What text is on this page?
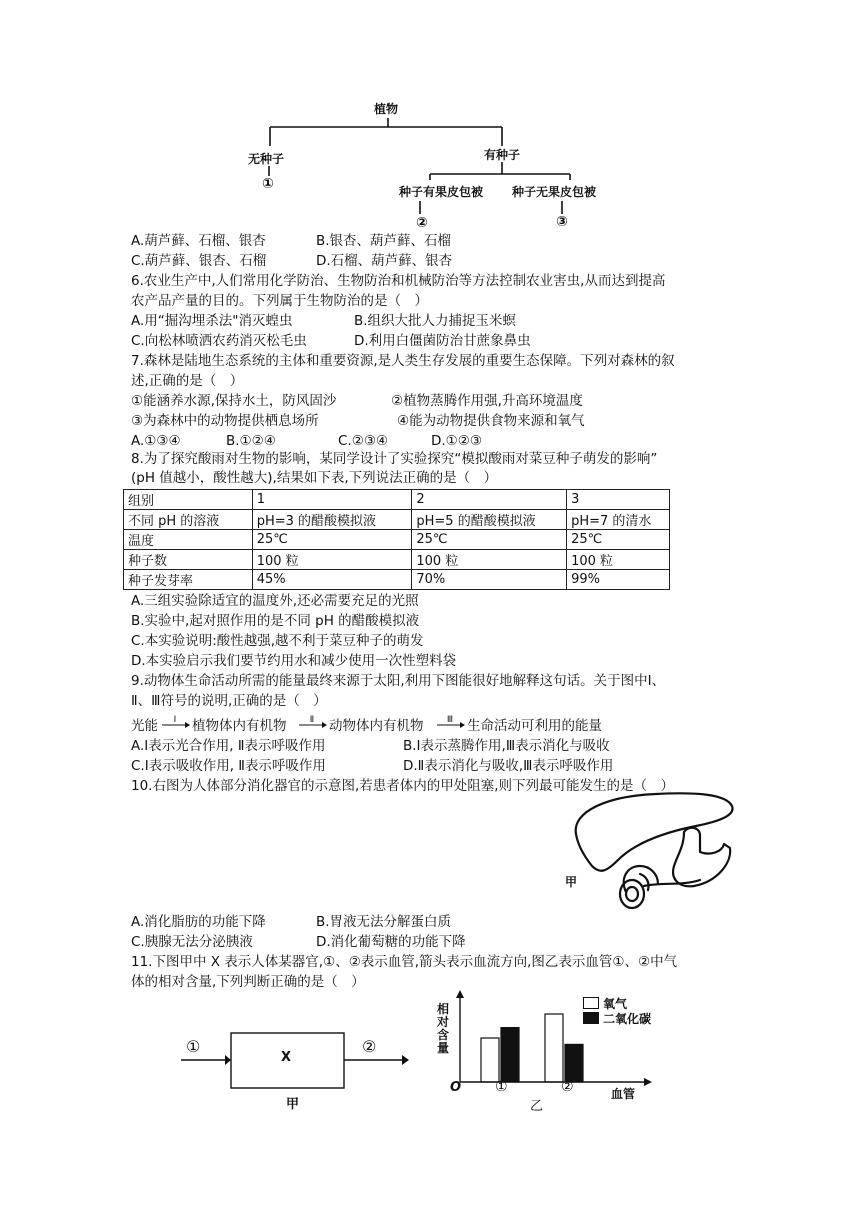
植物
无种子
①
有种子
种子有果皮包被 种子无果皮包被
②	③
A.葫芦藓、石榴、银杏	B.银杏、葫芦藓、石榴
C.葫芦藓、银杏、石榴	D.石榴、葫芦藓、银杏
6.农业生产中,人们常用化学防治、生物防治和机械防治等方法控制农业害虫,从而达到提高
农产品产量的目的。下列属于生物防治的是（　）
A.用“掘沟埋杀法"消灭蝗虫	B.组织大批人力捕捉玉米螟
C.向松林喷洒农药消灭松毛虫	D.利用白僵菌防治甘蔗象鼻虫
7.森林是陆地生态系统的主体和重要资源,是人类生存发展的重要生态保障。下列对森林的叙
述,正确的是（　）
①能涵养水源,保持水土，防风固沙	②植物蒸腾作用强,升高环境温度
③为森林中的动物提供栖息场所	④能为动物提供食物来源和氧气
A.①③④	B.①②④	C.②③④	D.①②③
8.为了探究酸雨对生物的影响，某同学设计了实验探究“模拟酸雨对菜豆种子萌发的影响”
(pH 值越小，酸性越大),结果如下表,下列说法正确的是（　）
组别	1	2	3
不同 pH 的溶液	pH=3 的醋酸模拟液	pH=5 的醋酸模拟液	pH=7 的清水
温度	25℃	25℃	25℃
种子数	100 粒	100 粒	100 粒
种子发芽率	45%	70%	99%
A.三组实验除适宜的温度外,还必需要充足的光照
B.实验中,起对照作用的是不同 pH 的醋酸模拟液
C.本实验说明:酸性越强,越不利于菜豆种子的萌发
D.本实验启示我们要节约用水和减少使用一次性塑料袋
9.动物体生命活动所需的能量最终来源于太阳,利用下图能很好地解释这句话。关于图中Ⅰ、
Ⅱ、Ⅲ符号的说明,正确的是（　）
光能	Ⅰ	植物体内有机物	Ⅱ	动物体内有机物	Ⅲ	生命活动可利用的能量
A.Ⅰ表示光合作用, Ⅱ表示呼吸作用	B.Ⅰ表示蒸腾作用,Ⅲ表示消化与吸收
C.Ⅰ表示吸收作用, Ⅱ表示呼吸作用	D.Ⅱ表示消化与吸收,Ⅲ表示呼吸作用
10.右图为人体部分消化器官的示意图,若患者体内的甲处阻塞,则下列最可能发生的是（　）
甲
A.消化脂肪的功能下降	B.胃液无法分解蛋白质
C.胰腺无法分泌胰液	D.消化葡萄糖的功能下降
11.下图甲中 X 表示人体某器官,①、②表示血管,箭头表示血流方向,图乙表示血管①、②中气
体的相对含量,下列判断正确的是（　）
①
X
②
甲
相对含量
O ①	②	血管
乙
氧气
二氧化碳
